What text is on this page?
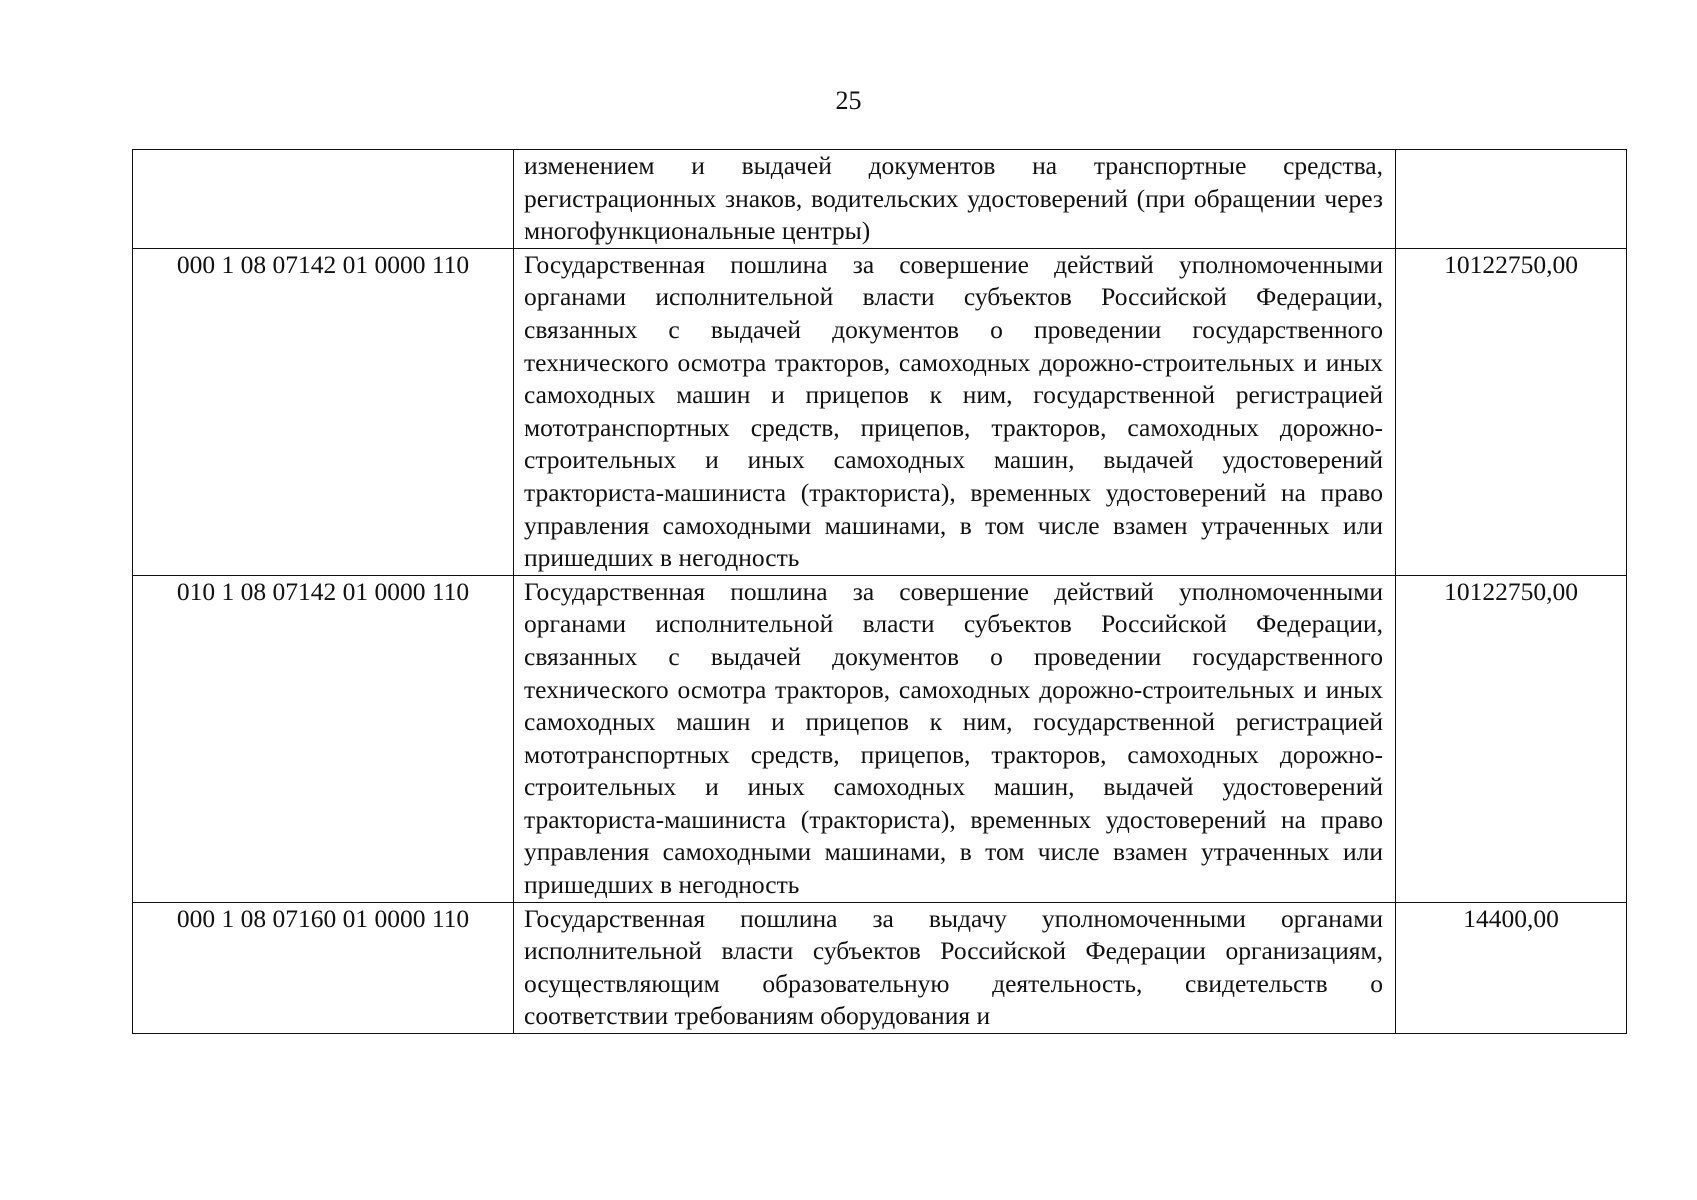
25
	изменением и выдачей документов на транспортные средства, регистрационных знаков, водительских удостоверений (при обращении через многофункциональные центры)	
000 1 08 07142 01 0000 110	Государственная пошлина за совершение действий уполномоченными органами исполнительной власти субъектов Российской Федерации, связанных с выдачей документов о проведении государственного технического осмотра тракторов, самоходных дорожно-строительных и иных самоходных машин и прицепов к ним, государственной регистрацией мототранспортных средств, прицепов, тракторов, самоходных дорожно-строительных и иных самоходных машин, выдачей удостоверений тракториста-машиниста (тракториста), временных удостоверений на право управления самоходными машинами, в том числе взамен утраченных или пришедших в негодность	10122750,00
010 1 08 07142 01 0000 110	Государственная пошлина за совершение действий уполномоченными органами исполнительной власти субъектов Российской Федерации, связанных с выдачей документов о проведении государственного технического осмотра тракторов, самоходных дорожно-строительных и иных самоходных машин и прицепов к ним, государственной регистрацией мототранспортных средств, прицепов, тракторов, самоходных дорожно-строительных и иных самоходных машин, выдачей удостоверений тракториста-машиниста (тракториста), временных удостоверений на право управления самоходными машинами, в том числе взамен утраченных или пришедших в негодность	10122750,00
000 1 08 07160 01 0000 110	Государственная пошлина за выдачу уполномоченными органами исполнительной власти субъектов Российской Федерации организациям, осуществляющим образовательную деятельность, свидетельств о соответствии требованиям оборудования и	14400,00
